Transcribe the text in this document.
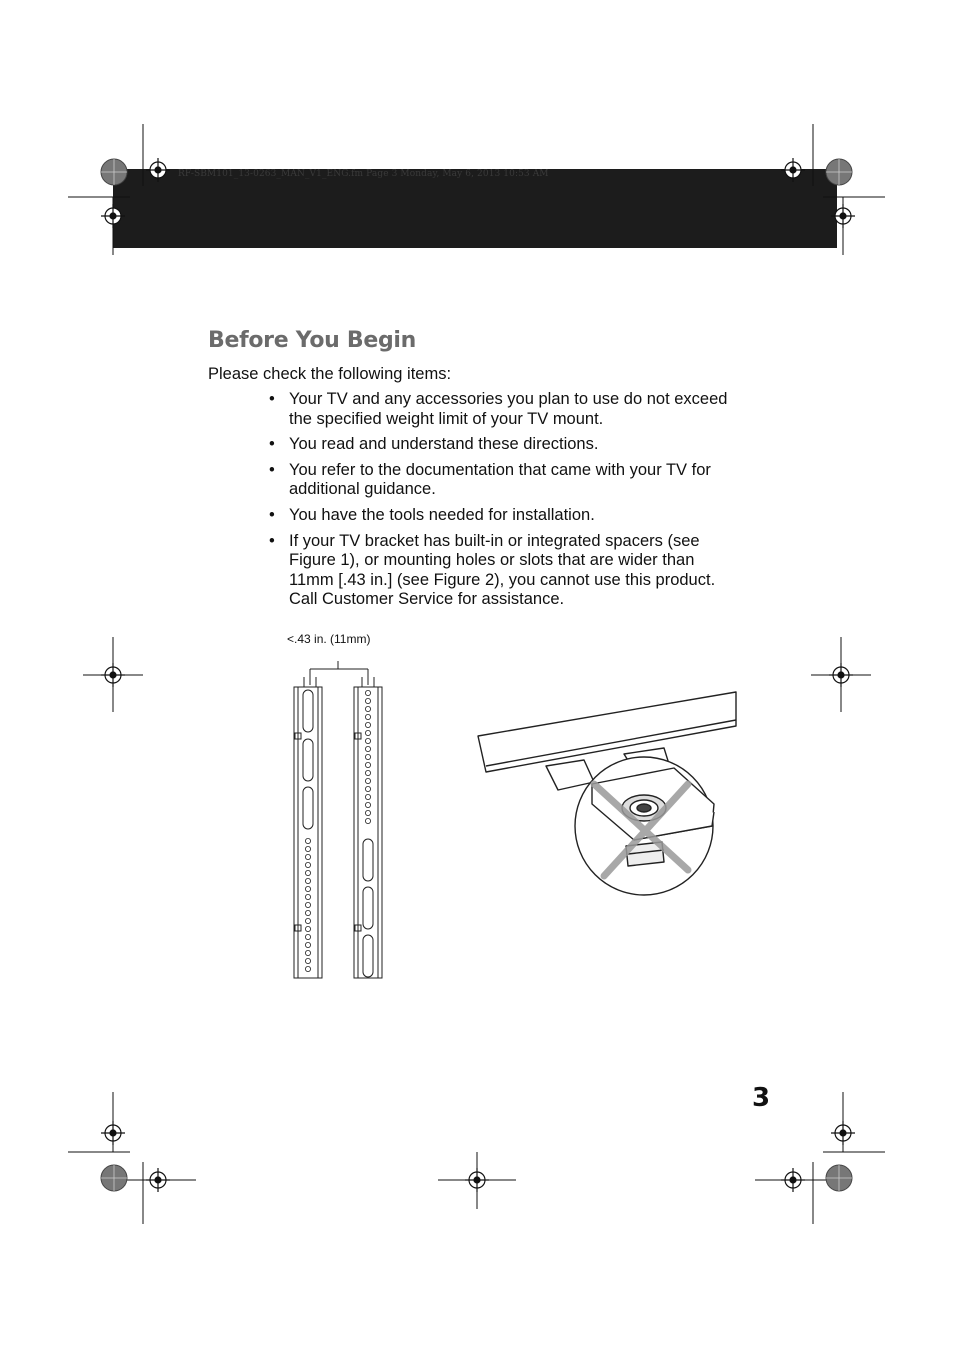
RF-SBM101_13-0263_MAN_V1_ENG.fm Page 3 Monday, May 6, 2013 10:53 AM
Before You Begin
Please check the following items:
• Your TV and any accessories you plan to use do not exceed
the specified weight limit of your TV mount.
• You read and understand these directions.
• You refer to the documentation that came with your TV for
additional guidance.
• You have the tools needed for installation.
• If your TV bracket has built-in or integrated spacers (see
Figure 1), or mounting holes or slots that are wider than
11mm [.43 in.] (see Figure 2), you cannot use this product.
Call Customer Service for assistance.
<.43 in. (11mm)
3
